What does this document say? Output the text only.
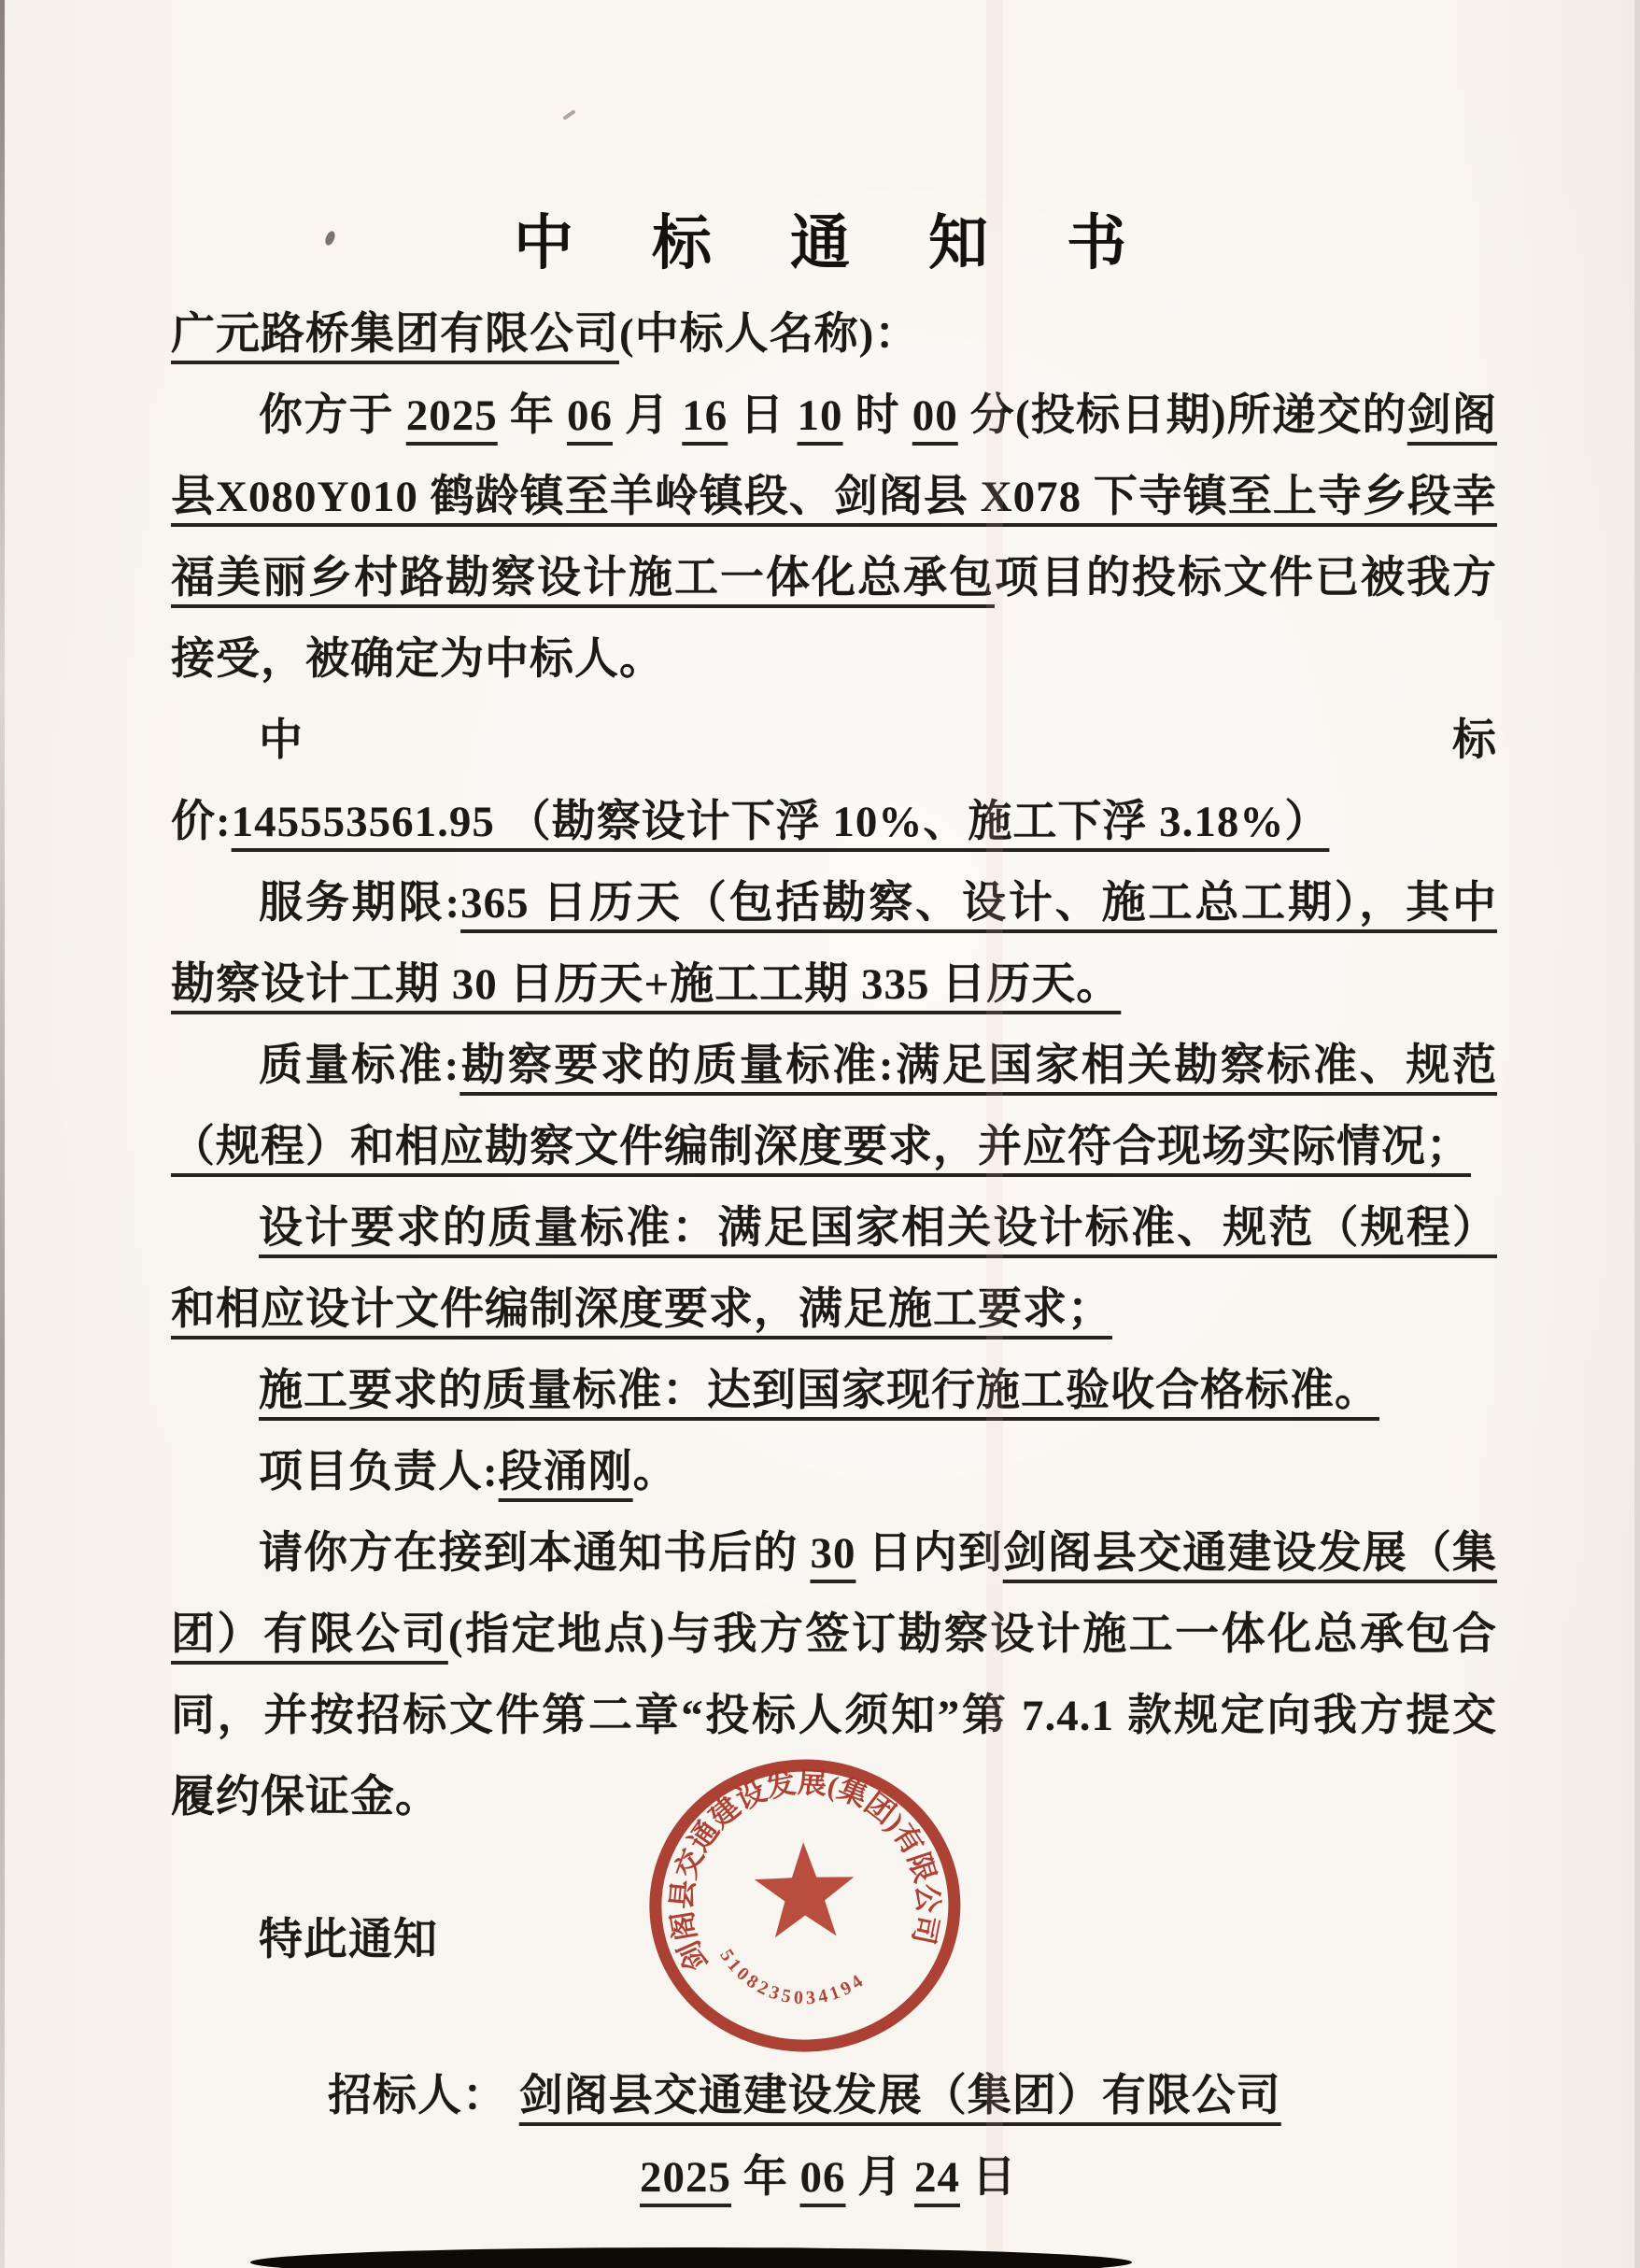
中 标 通 知 书

广元路桥集团有限公司(中标人名称)：

你方于 2025 年 06 月 16 日 10 时 00 分(投标日期)所递交的剑阁县X080Y010 鹤龄镇至羊岭镇段、剑阁县 X078 下寺镇至上寺乡段幸福美丽乡村路勘察设计施工一体化总承包项目的投标文件已被我方接受，被确定为中标人。

中标价:145553561.95 （勘察设计下浮 10%、施工下浮 3.18%）

服务期限:365 日历天（包括勘察、设计、施工总工期），其中勘察设计工期 30 日历天+施工工期 335 日历天。

质量标准:勘察要求的质量标准:满足国家相关勘察标准、规范（规程）和相应勘察文件编制深度要求，并应符合现场实际情况；

设计要求的质量标准：满足国家相关设计标准、规范（规程）和相应设计文件编制深度要求，满足施工要求；

施工要求的质量标准：达到国家现行施工验收合格标准。

项目负责人:段涌刚。

请你方在接到本通知书后的 30 日内到剑阁县交通建设发展（集团）有限公司(指定地点)与我方签订勘察设计施工一体化总承包合同，并按招标文件第二章“投标人须知”第 7.4.1 款规定向我方提交履约保证金。

特此通知

招标人： 剑阁县交通建设发展（集团）有限公司

2025 年 06 月 24 日

剑阁县交通建设发展(集团)有限公司
5108235034194
